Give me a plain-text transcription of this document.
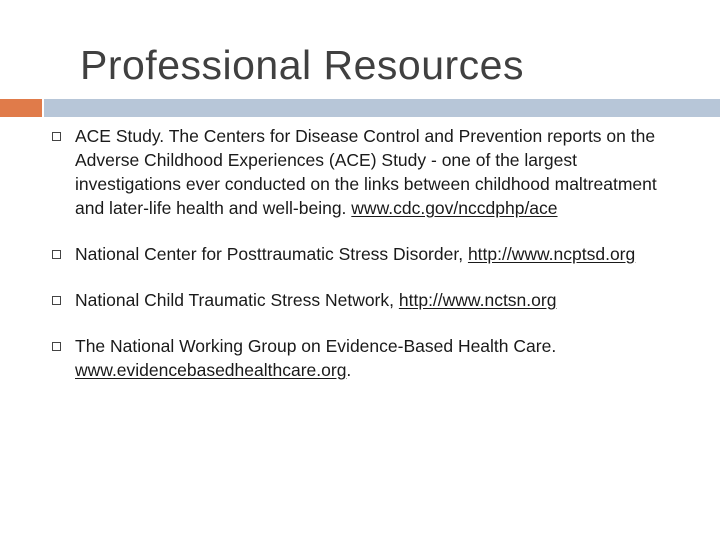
Professional Resources
ACE Study. The Centers for Disease Control and Prevention reports on the Adverse Childhood Experiences (ACE) Study - one of the largest investigations ever conducted on the links between childhood maltreatment and later-life health and well-being. www.cdc.gov/nccdphp/ace
National Center for Posttraumatic Stress Disorder, http://www.ncptsd.org
National Child Traumatic Stress Network, http://www.nctsn.org
The National Working Group on Evidence-Based Health Care. www.evidencebasedhealthcare.org.
